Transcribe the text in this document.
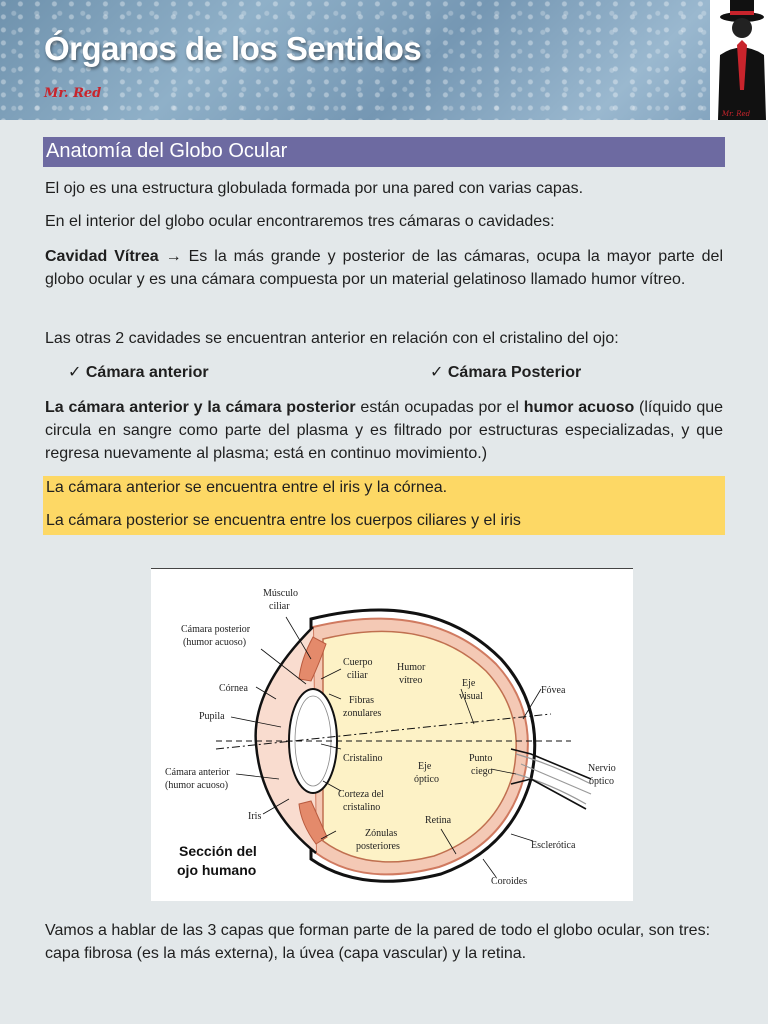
Órganos de los Sentidos
Mr. Red
Mr. Red
Anatomía del Globo Ocular
El ojo es una estructura globulada formada por una pared con varias capas.
En el interior del globo ocular encontraremos tres cámaras o cavidades:
Cavidad Vítrea → Es la más grande y posterior de las cámaras, ocupa la mayor parte del globo ocular y es una cámara compuesta por un material gelatinoso llamado humor vítreo.
Las otras 2 cavidades se encuentran anterior en relación con el cristalino del ojo:
✓ Cámara anterior	✓ Cámara Posterior
La cámara anterior y la cámara posterior están ocupadas por el humor acuoso (líquido que circula en sangre como parte del plasma y es filtrado por estructuras especializadas, y que regresa nuevamente al plasma; está en continuo movimiento.)
La cámara anterior se encuentra entre el iris y la córnea.
La cámara posterior se encuentra entre los cuerpos ciliares y el iris
Músculo
ciliar
Cámara posterior
(humor acuoso)
Córnea
Pupila
Cámara anterior
(humor acuoso)
Iris
Cuerpo
ciliar
Fibras
zonulares
Humor
vítreo	Eje
visual
Fóvea
Cristalino
Eje
óptico
Punto
ciego	Nervio
óptico
Corteza del
cristalino
Retina
Zónulas
posteriores	Esclerótica
Coroides
Sección del
ojo humano
Vamos a hablar de las 3 capas que forman parte de la pared de todo el globo ocular, son tres: capa fibrosa (es la más externa), la úvea (capa vascular) y la retina.
